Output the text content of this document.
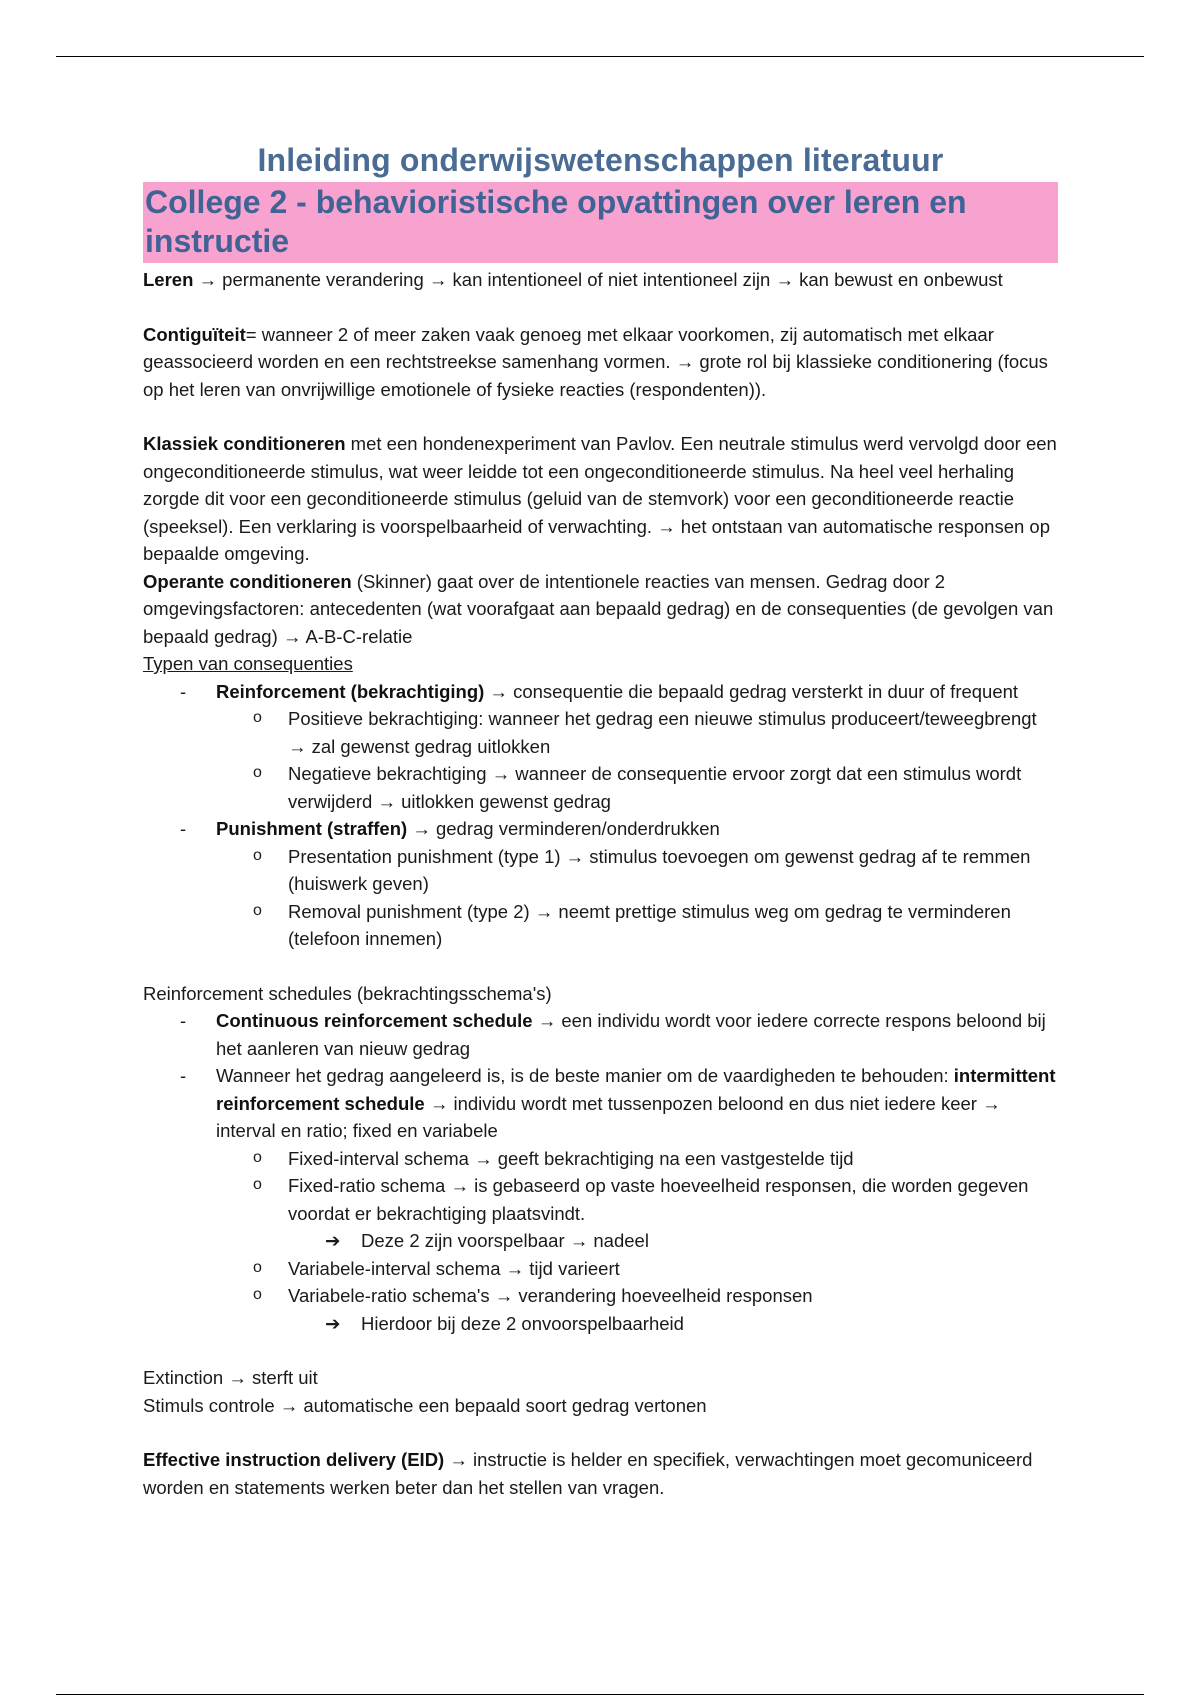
Inleiding onderwijswetenschappen literatuur
College 2 - behavioristische opvattingen over leren en instructie

Leren → permanente verandering → kan intentioneel of niet intentioneel zijn → kan bewust en onbewust

Contiguïteit= wanneer 2 of meer zaken vaak genoeg met elkaar voorkomen, zij automatisch met elkaar geassocieerd worden en een rechtstreekse samenhang vormen. → grote rol bij klassieke conditionering (focus op het leren van onvrijwillige emotionele of fysieke reacties (respondenten)).

Klassiek conditioneren met een hondenexperiment van Pavlov. Een neutrale stimulus werd vervolgd door een ongeconditioneerde stimulus, wat weer leidde tot een ongeconditioneerde stimulus. Na heel veel herhaling zorgde dit voor een geconditioneerde stimulus (geluid van de stemvork) voor een geconditioneerde reactie (speeksel). Een verklaring is voorspelbaarheid of verwachting. → het ontstaan van automatische responsen op bepaalde omgeving.

Operante conditioneren (Skinner) gaat over de intentionele reacties van mensen. Gedrag door 2 omgevingsfactoren: antecedenten (wat voorafgaat aan bepaald gedrag) en de consequenties (de gevolgen van bepaald gedrag) → A-B-C-relatie

Typen van consequenties

- Reinforcement (bekrachtiging) → consequentie die bepaald gedrag versterkt in duur of frequent
o Positieve bekrachtiging: wanneer het gedrag een nieuwe stimulus produceert/teweegbrengt → zal gewenst gedrag uitlokken
o Negatieve bekrachtiging → wanneer de consequentie ervoor zorgt dat een stimulus wordt verwijderd → uitlokken gewenst gedrag
- Punishment (straffen) → gedrag verminderen/onderdrukken
o Presentation punishment (type 1) → stimulus toevoegen om gewenst gedrag af te remmen (huiswerk geven)
o Removal punishment (type 2) → neemt prettige stimulus weg om gedrag te verminderen (telefoon innemen)

Reinforcement schedules (bekrachtingsschema's)

- Continuous reinforcement schedule → een individu wordt voor iedere correcte respons beloond bij het aanleren van nieuw gedrag
- Wanneer het gedrag aangeleerd is, is de beste manier om de vaardigheden te behouden: intermittent reinforcement schedule → individu wordt met tussenpozen beloond en dus niet iedere keer → interval en ratio; fixed en variabele
o Fixed-interval schema → geeft bekrachtiging na een vastgestelde tijd
o Fixed-ratio schema → is gebaseerd op vaste hoeveelheid responsen, die worden gegeven voordat er bekrachtiging plaatsvindt.
➔ Deze 2 zijn voorspelbaar → nadeel
o Variabele-interval schema → tijd varieert
o Variabele-ratio schema's → verandering hoeveelheid responsen
➔ Hierdoor bij deze 2 onvoorspelbaarheid

Extinction → sterft uit

Stimuls controle → automatische een bepaald soort gedrag vertonen

Effective instruction delivery (EID) → instructie is helder en specifiek, verwachtingen moet gecomuniceerd worden en statements werken beter dan het stellen van vragen.
